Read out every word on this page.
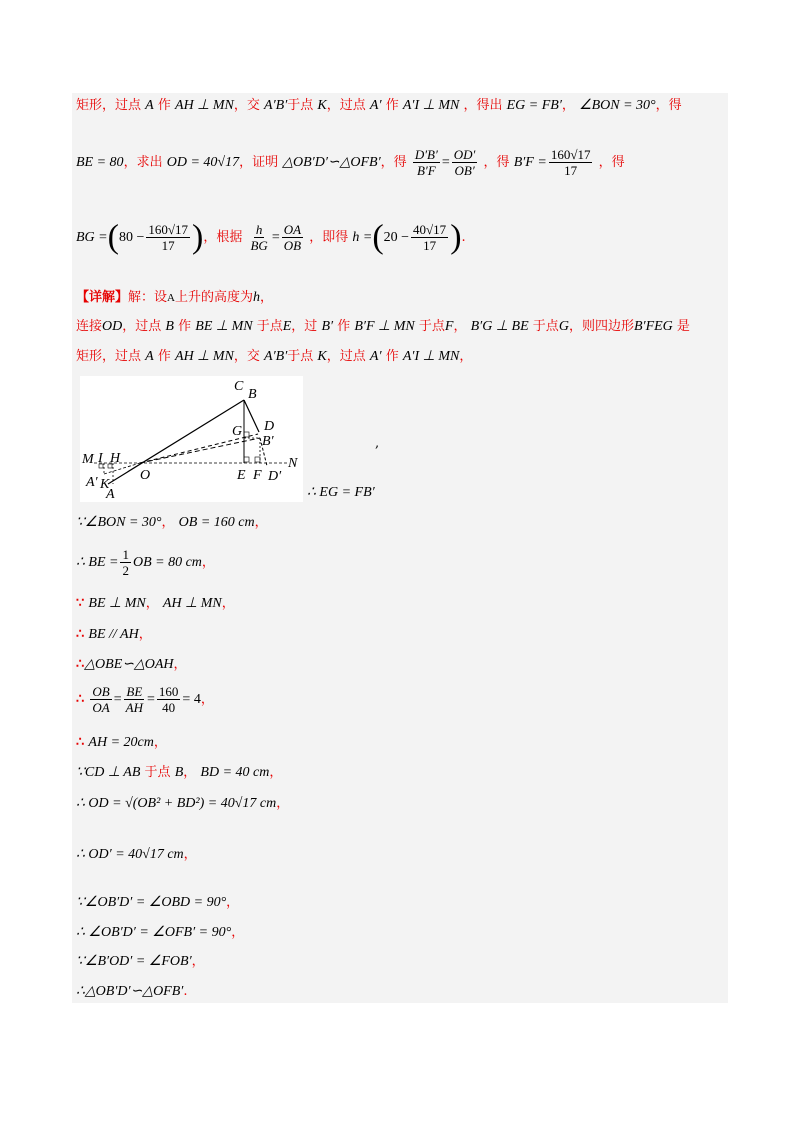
矩形，过点 A 作 AH ⊥ MN，交 A′B′于点 K，过点 A′ 作 A′I ⊥ MN ，得出 EG = FB′， ∠BON = 30°，得
BE = 80，求出 OD = 40√17，证明 △OB′D′∽△OFB′，得 $\frac{D'B'}{B'F} = \frac{OD'}{OB'}$ ，得 $B'F = \frac{160√17}{17}$ ，得
BG $=(80 - \frac{160√17}{17}$ )，根据 $\frac{h}{BG} = \frac{OA}{OB}$ ，即得 $h =(20 - \frac{40√17}{17}$ ).
【详解】解：设A上升的高度为h，
连接OD，过点 B 作 BE ⊥ MN 于点E，过 B′ 作 B′F ⊥ MN 于点F， B′G ⊥ BE 于点G，则四边形B′FEG 是
矩形，过点 A 作 AH ⊥ MN，交 A′B′于点 K，过点 A′ 作 A′I ⊥ MN，
C
B
D
G
B′
M I H
O	E F D′
N
A′ K
A
,
∴ EG = FB′
∵∠BON = 30°， OB = 160 cm，
∴ BE = $\frac{1}{2}$ OB = 80 cm，
∵ BE ⊥ MN， AH ⊥ MN，
∴ BE // AH，
∴△OBE∽△OAH，
∴ $\frac{OB}{OA} = \frac{BE}{AH} = \frac{160}{40} = 4$，
∴ AH = 20cm，
∵CD ⊥ AB 于点 B， BD = 40 cm，
∴ OD = √(OB² + BD²) = 40√17 cm，
∴ OD′ = 40√17 cm，
∵∠OB′D′ = ∠OBD = 90°，
∴ ∠OB′D′ = ∠OFB′ = 90°，
∵∠B′OD′ = ∠FOB′，
∴△OB′D′∽△OFB′.
